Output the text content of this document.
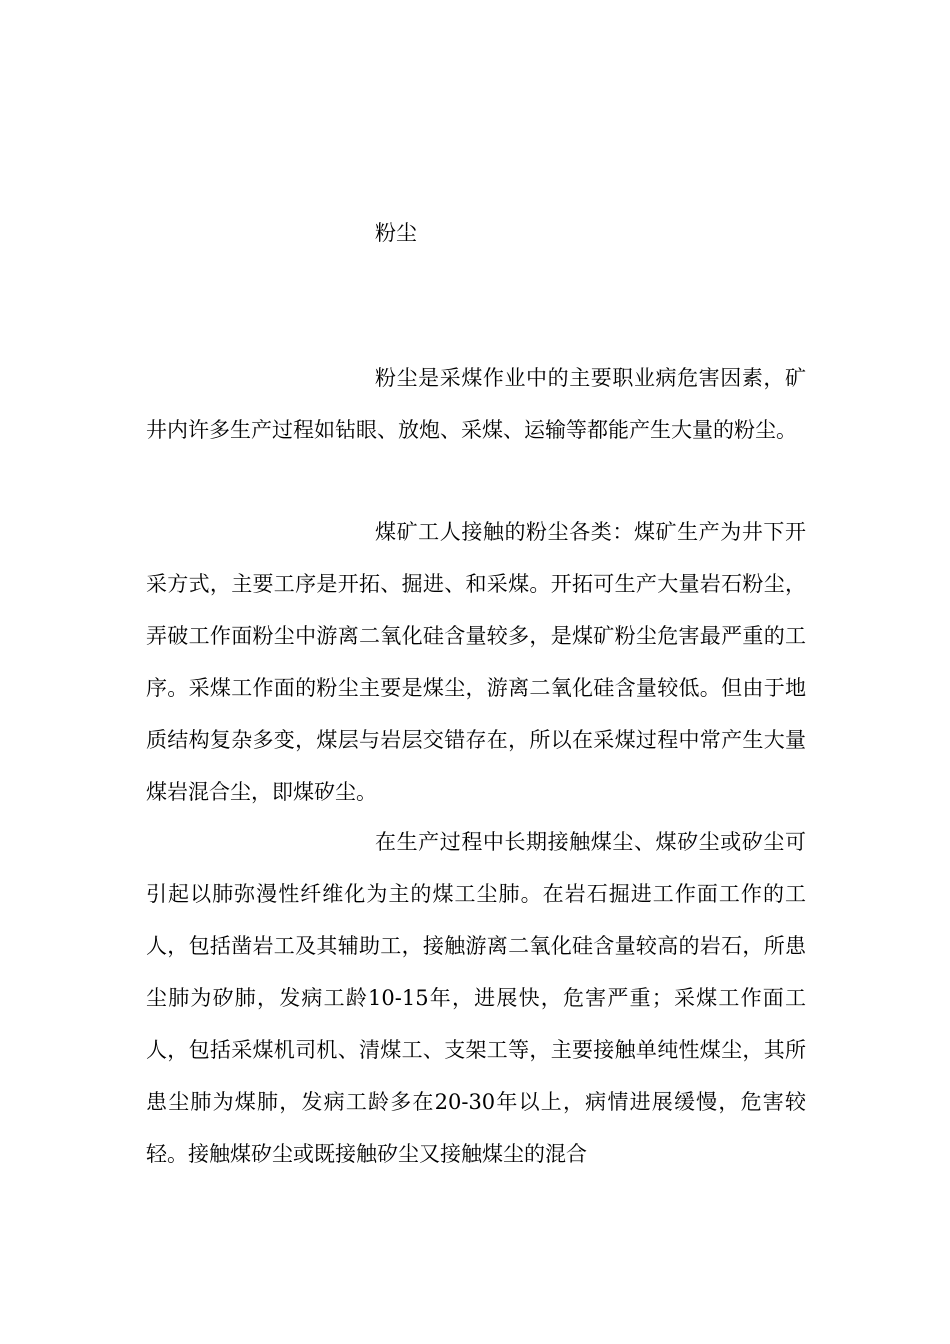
粉尘

粉尘是采煤作业中的主要职业病危害因素，矿井内许多生产过程如钻眼、放炮、采煤、运输等都能产生大量的粉尘。

煤矿工人接触的粉尘各类：煤矿生产为井下开采方式，主要工序是开拓、掘进、和采煤。开拓可生产大量岩石粉尘，弄破工作面粉尘中游离二氧化硅含量较多，是煤矿粉尘危害最严重的工序。采煤工作面的粉尘主要是煤尘，游离二氧化硅含量较低。但由于地质结构复杂多变，煤层与岩层交错存在，所以在采煤过程中常产生大量煤岩混合尘，即煤矽尘。

在生产过程中长期接触煤尘、煤矽尘或矽尘可引起以肺弥漫性纤维化为主的煤工尘肺。在岩石掘进工作面工作的工人，包括凿岩工及其辅助工，接触游离二氧化硅含量较高的岩石，所患尘肺为矽肺，发病工龄10-15年，进展快，危害严重；采煤工作面工人，包括采煤机司机、清煤工、支架工等，主要接触单纯性煤尘，其所患尘肺为煤肺，发病工龄多在20-30年以上，病情进展缓慢，危害较轻。接触煤矽尘或既接触矽尘又接触煤尘的混合
